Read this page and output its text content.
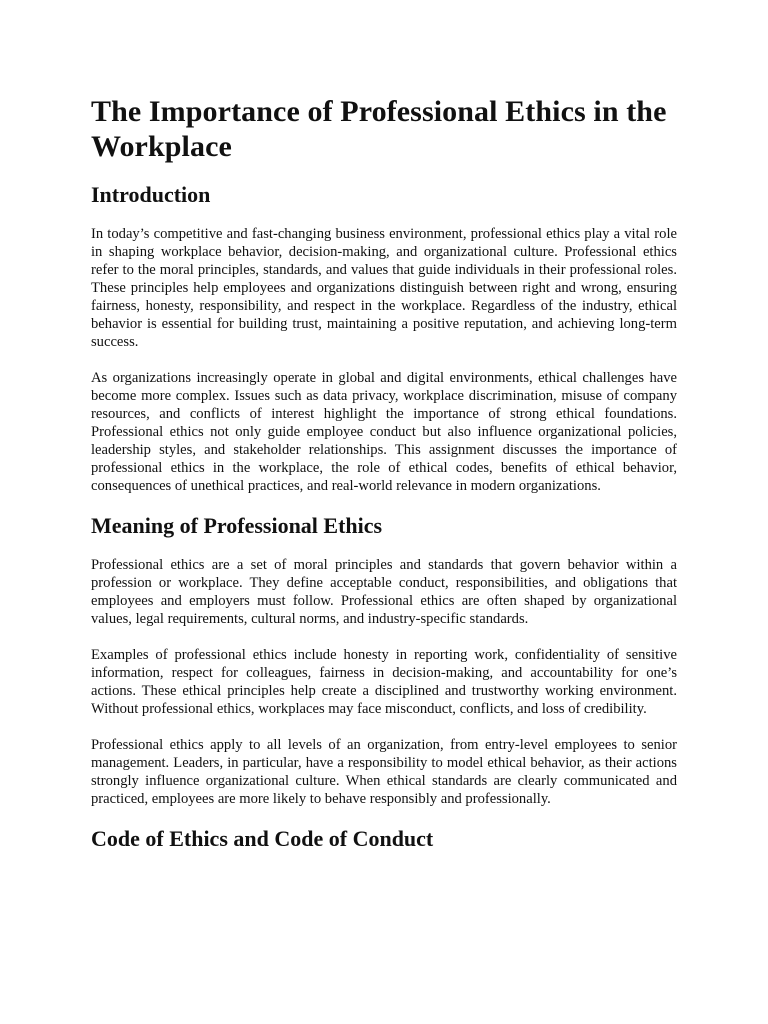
The Importance of Professional Ethics in the Workplace
Introduction

In today’s competitive and fast-changing business environment, professional ethics play a vital role in shaping workplace behavior, decision-making, and organizational culture. Professional ethics refer to the moral principles, standards, and values that guide individuals in their professional roles. These principles help employees and organizations distinguish between right and wrong, ensuring fairness, honesty, responsibility, and respect in the workplace. Regardless of the industry, ethical behavior is essential for building trust, maintaining a positive reputation, and achieving long-term success.

As organizations increasingly operate in global and digital environments, ethical challenges have become more complex. Issues such as data privacy, workplace discrimination, misuse of company resources, and conflicts of interest highlight the importance of strong ethical foundations. Professional ethics not only guide employee conduct but also influence organizational policies, leadership styles, and stakeholder relationships. This assignment discusses the importance of professional ethics in the workplace, the role of ethical codes, benefits of ethical behavior, consequences of unethical practices, and real-world relevance in modern organizations.

Meaning of Professional Ethics

Professional ethics are a set of moral principles and standards that govern behavior within a profession or workplace. They define acceptable conduct, responsibilities, and obligations that employees and employers must follow. Professional ethics are often shaped by organizational values, legal requirements, cultural norms, and industry-specific standards.

Examples of professional ethics include honesty in reporting work, confidentiality of sensitive information, respect for colleagues, fairness in decision-making, and accountability for one’s actions. These ethical principles help create a disciplined and trustworthy working environment. Without professional ethics, workplaces may face misconduct, conflicts, and loss of credibility.

Professional ethics apply to all levels of an organization, from entry-level employees to senior management. Leaders, in particular, have a responsibility to model ethical behavior, as their actions strongly influence organizational culture. When ethical standards are clearly communicated and practiced, employees are more likely to behave responsibly and professionally.

Code of Ethics and Code of Conduct
